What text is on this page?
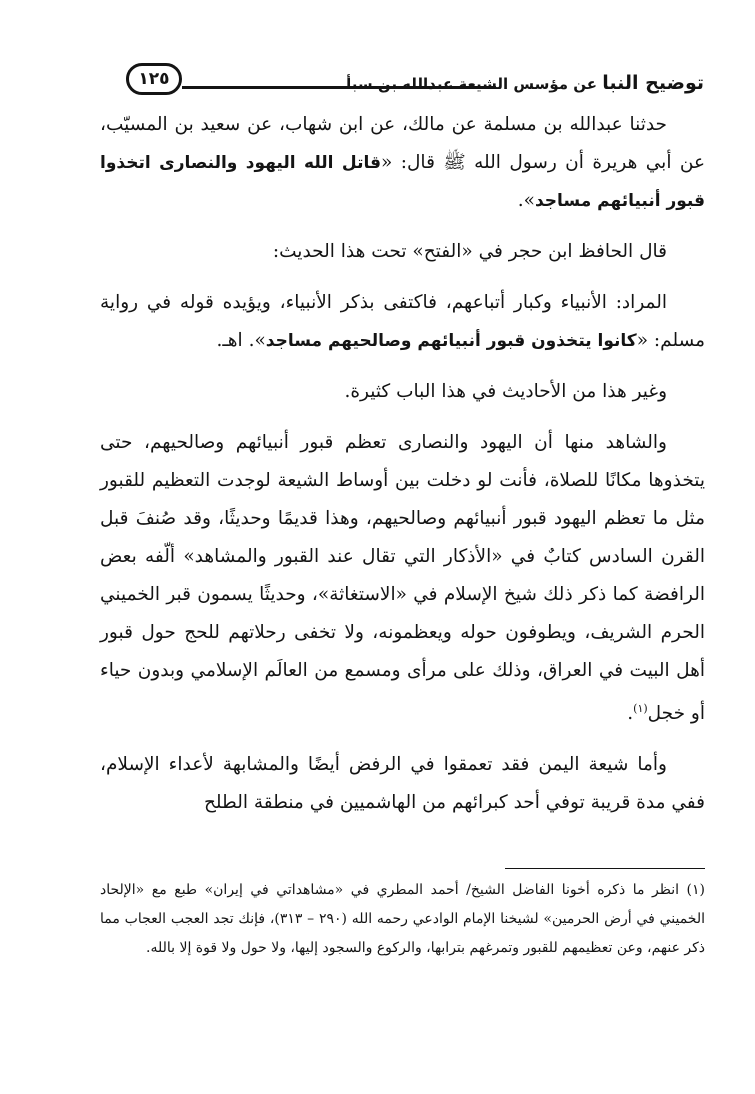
توضيح النبا عن مؤسس الشيعة عبدالله بن سبأ
١٢٥

حدثنا عبدالله بن مسلمة عن مالك، عن ابن شهاب، عن سعيد بن المسيّب، عن أبي هريرة أن رسول الله ﷺ قال: «قاتل الله اليهود والنصارى اتخذوا قبور أنبيائهم مساجد».

قال الحافظ ابن حجر في «الفتح» تحت هذا الحديث:

المراد: الأنبياء وكبار أتباعهم، فاكتفى بذكر الأنبياء، ويؤيده قوله في رواية مسلم: «كانوا يتخذون قبور أنبيائهم وصالحيهم مساجد». اهـ.

وغير هذا من الأحاديث في هذا الباب كثيرة.

والشاهد منها أن اليهود والنصارى تعظم قبور أنبيائهم وصالحيهم، حتى يتخذوها مكانًا للصلاة، فأنت لو دخلت بين أوساط الشيعة لوجدت التعظيم للقبور مثل ما تعظم اليهود قبور أنبيائهم وصالحيهم، وهذا قديمًا وحديثًا، وقد صُنفَ قبل القرن السادس كتابٌ في «الأذكار التي تقال عند القبور والمشاهد» ألّفه بعض الرافضة كما ذكر ذلك شيخ الإسلام في «الاستغاثة»، وحديثًا يسمون قبر الخميني الحرم الشريف، ويطوفون حوله ويعظمونه، ولا تخفى رحلاتهم للحج حول قبور أهل البيت في العراق، وذلك على مرأى ومسمع من العالَم الإسلامي وبدون حياء أو خجل$^{(١)}$.

وأما شيعة اليمن فقد تعمقوا في الرفض أيضًا والمشابهة لأعداء الإسلام، ففي مدة قريبة توفي أحد كبرائهم من الهاشميين في منطقة الطلح

(١) انظر ما ذكره أخونا الفاضل الشيخ/ أحمد المطري في «مشاهداتي في إيران» طبع مع «الإلحاد الخميني في أرض الحرمين» لشيخنا الإمام الوادعي رحمه الله (٢٩٠ – ٣١٣)، فإنك تجد العجب العجاب مما ذكر عنهم، وعن تعظيمهم للقبور وتمرغهم بترابها، والركوع والسجود إليها، ولا حول ولا قوة إلا بالله.
